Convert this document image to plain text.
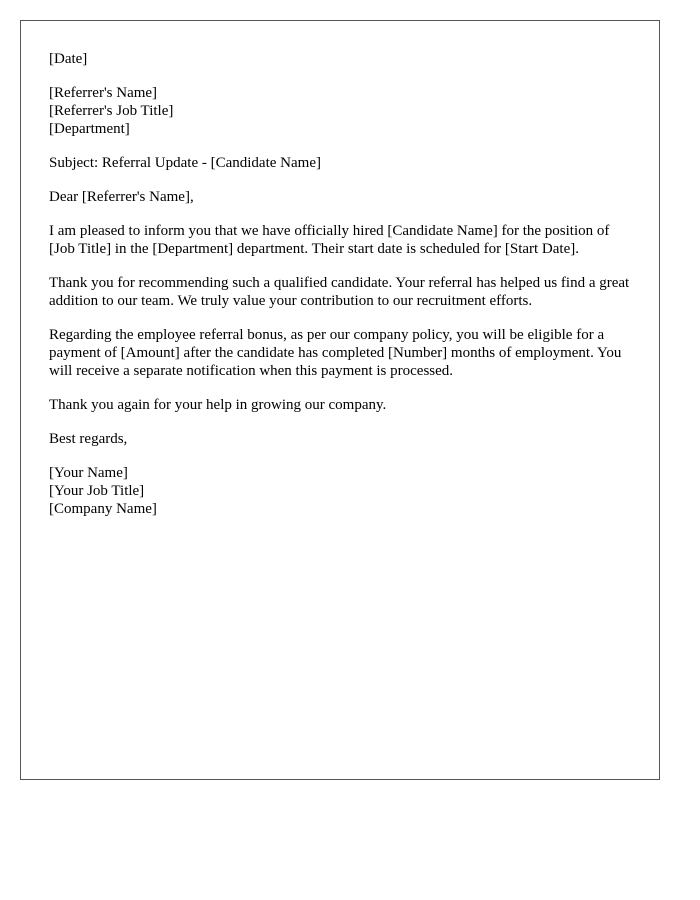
[Date]
[Referrer's Name]
[Referrer's Job Title]
[Department]
Subject: Referral Update - [Candidate Name]
Dear [Referrer's Name],

I am pleased to inform you that we have officially hired [Candidate Name] for the position of [Job Title] in the [Department] department. Their start date is scheduled for [Start Date].

Thank you for recommending such a qualified candidate. Your referral has helped us find a great addition to our team. We truly value your contribution to our recruitment efforts.

Regarding the employee referral bonus, as per our company policy, you will be eligible for a payment of [Amount] after the candidate has completed [Number] months of employment. You will receive a separate notification when this payment is processed.

Thank you again for your help in growing our company.

Best regards,
[Your Name]
[Your Job Title]
[Company Name]
